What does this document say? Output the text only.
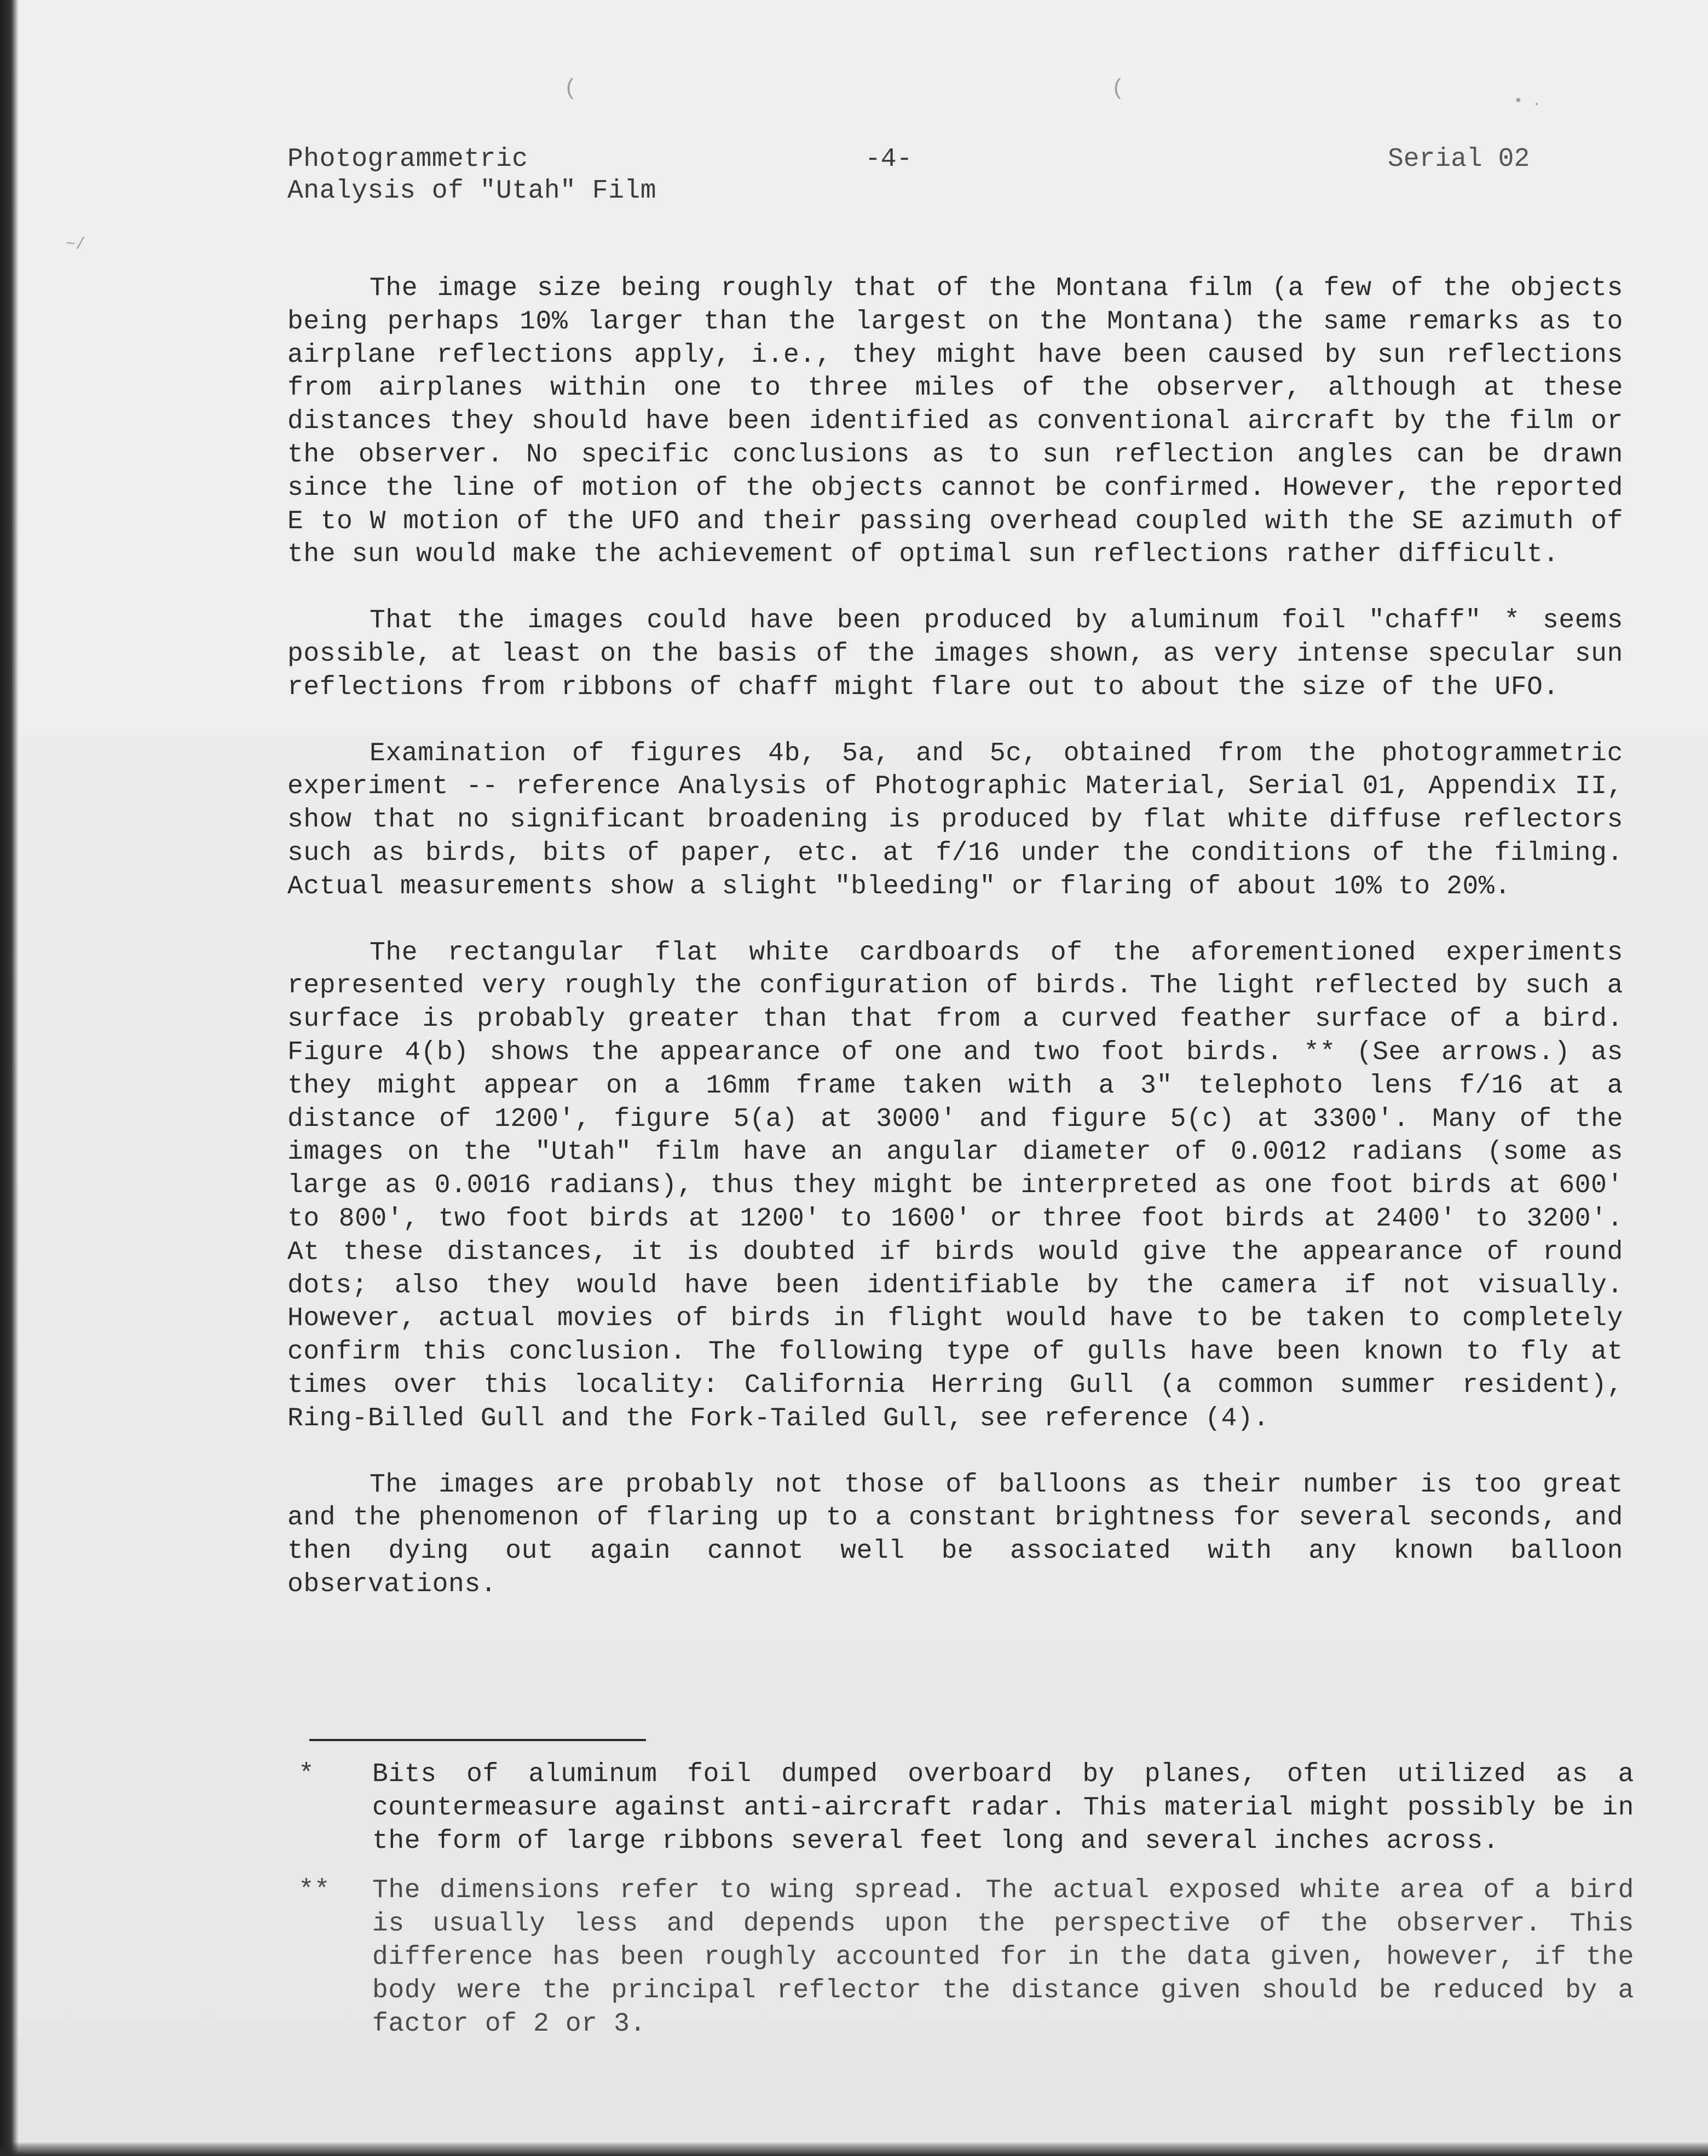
(	(
~/
• .
Photogrammetric
Analysis of "Utah" Film
-4-	Serial 02

The image size being roughly that of the Montana film (a few of the objects being perhaps 10% larger than the largest on the Montana) the same remarks as to airplane reflections apply, i.e., they might have been caused by sun reflections from airplanes within one to three miles of the observer, although at these distances they should have been identified as conventional aircraft by the film or the observer. No specific conclusions as to sun reflection angles can be drawn since the line of motion of the objects cannot be confirmed. However, the reported E to W motion of the UFO and their passing overhead coupled with the SE azimuth of the sun would make the achievement of optimal sun reflections rather difficult.

That the images could have been produced by aluminum foil "chaff" * seems possible, at least on the basis of the images shown, as very intense specular sun reflections from ribbons of chaff might flare out to about the size of the UFO.

Examination of figures 4b, 5a, and 5c, obtained from the photogrammetric experiment -- reference Analysis of Photographic Material, Serial 01, Appendix II, show that no significant broadening is produced by flat white diffuse reflectors such as birds, bits of paper, etc. at f/16 under the conditions of the filming. Actual measurements show a slight "bleeding" or flaring of about 10% to 20%.

The rectangular flat white cardboards of the aforementioned experiments represented very roughly the configuration of birds. The light reflected by such a surface is probably greater than that from a curved feather surface of a bird. Figure 4(b) shows the appearance of one and two foot birds. ** (See arrows.) as they might appear on a 16mm frame taken with a 3" telephoto lens f/16 at a distance of 1200', figure 5(a) at 3000' and figure 5(c) at 3300'. Many of the images on the "Utah" film have an angular diameter of 0.0012 radians (some as large as 0.0016 radians), thus they might be interpreted as one foot birds at 600' to 800', two foot birds at 1200' to 1600' or three foot birds at 2400' to 3200'. At these distances, it is doubted if birds would give the appearance of round dots; also they would have been identifiable by the camera if not visually. However, actual movies of birds in flight would have to be taken to completely confirm this conclusion. The following type of gulls have been known to fly at times over this locality: California Herring Gull (a common summer resident), Ring-Billed Gull and the Fork-Tailed Gull, see reference (4).

The images are probably not those of balloons as their number is too great and the phenomenon of flaring up to a constant brightness for several seconds, and then dying out again cannot well be associated with any known balloon observations.

*	Bits of aluminum foil dumped overboard by planes, often utilized as a countermeasure against anti-aircraft radar. This material might possibly be in the form of large ribbons several feet long and several inches across.
**	The dimensions refer to wing spread. The actual exposed white area of a bird is usually less and depends upon the perspective of the observer. This difference has been roughly accounted for in the data given, however, if the body were the principal reflector the distance given should be reduced by a factor of 2 or 3.
